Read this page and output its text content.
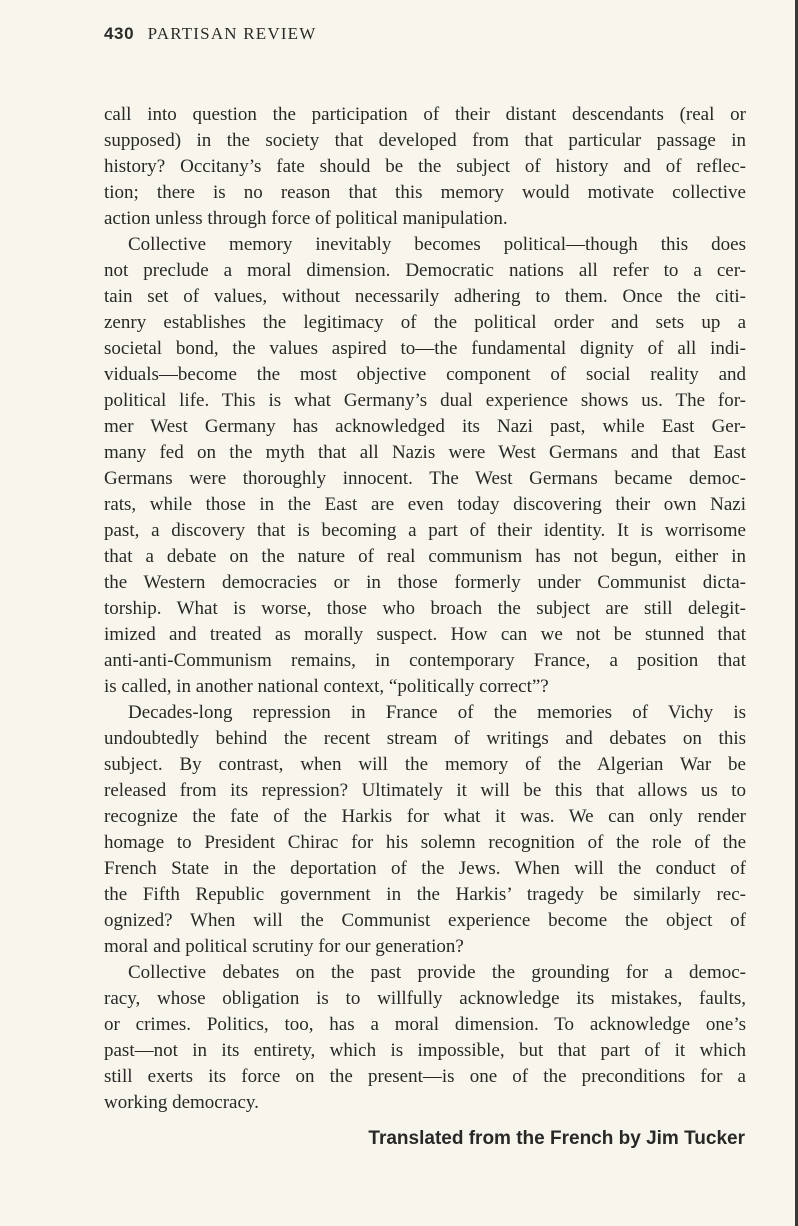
430 PARTISAN REVIEW
call into question the participation of their distant descendants (real or
supposed) in the society that developed from that particular passage in
history? Occitany’s fate should be the subject of history and of reflec-
tion; there is no reason that this memory would motivate collective
action unless through force of political manipulation.
Collective memory inevitably becomes political—though this does
not preclude a moral dimension. Democratic nations all refer to a cer-
tain set of values, without necessarily adhering to them. Once the citi-
zenry establishes the legitimacy of the political order and sets up a
societal bond, the values aspired to—the fundamental dignity of all indi-
viduals—become the most objective component of social reality and
political life. This is what Germany’s dual experience shows us. The for-
mer West Germany has acknowledged its Nazi past, while East Ger-
many fed on the myth that all Nazis were West Germans and that East
Germans were thoroughly innocent. The West Germans became democ-
rats, while those in the East are even today discovering their own Nazi
past, a discovery that is becoming a part of their identity. It is worrisome
that a debate on the nature of real communism has not begun, either in
the Western democracies or in those formerly under Communist dicta-
torship. What is worse, those who broach the subject are still delegit-
imized and treated as morally suspect. How can we not be stunned that
anti-anti-Communism remains, in contemporary France, a position that
is called, in another national context, “politically correct”?
Decades-long repression in France of the memories of Vichy is
undoubtedly behind the recent stream of writings and debates on this
subject. By contrast, when will the memory of the Algerian War be
released from its repression? Ultimately it will be this that allows us to
recognize the fate of the Harkis for what it was. We can only render
homage to President Chirac for his solemn recognition of the role of the
French State in the deportation of the Jews. When will the conduct of
the Fifth Republic government in the Harkis’ tragedy be similarly rec-
ognized? When will the Communist experience become the object of
moral and political scrutiny for our generation?
Collective debates on the past provide the grounding for a democ-
racy, whose obligation is to willfully acknowledge its mistakes, faults,
or crimes. Politics, too, has a moral dimension. To acknowledge one’s
past—not in its entirety, which is impossible, but that part of it which
still exerts its force on the present—is one of the preconditions for a
working democracy.
Translated from the French by Jim Tucker
